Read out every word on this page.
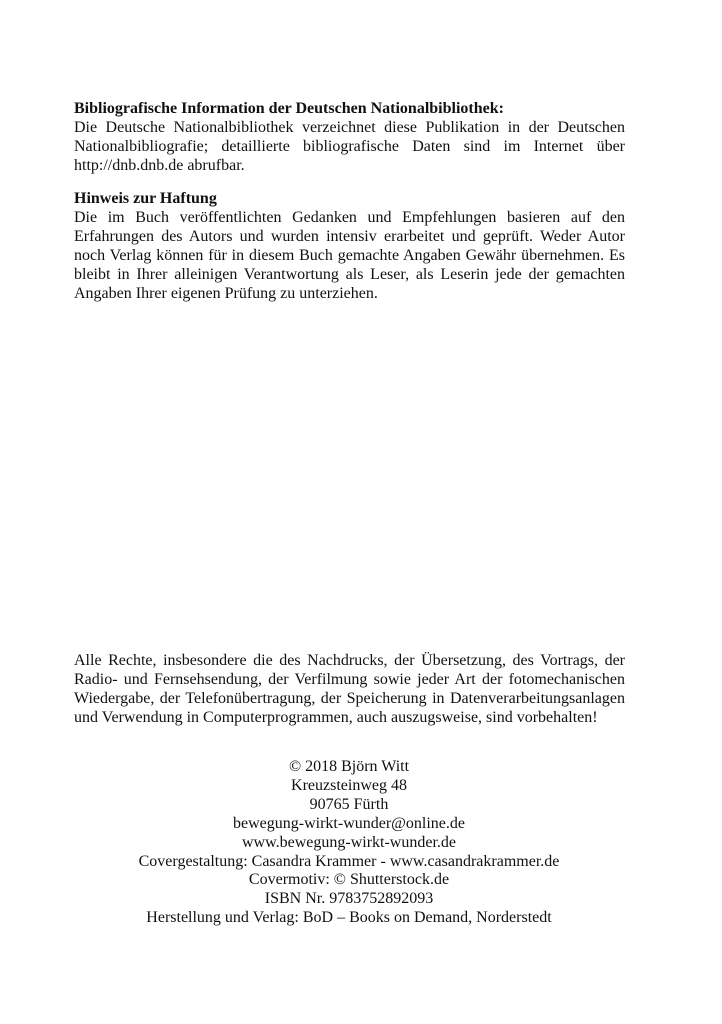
Bibliografische Information der Deutschen Nationalbibliothek:

Die Deutsche Nationalbibliothek verzeichnet diese Publikation in der Deutschen Nationalbibliografie; detaillierte bibliografische Daten sind im Internet über http://dnb.dnb.de abrufbar.

Hinweis zur Haftung

Die im Buch veröffentlichten Gedanken und Empfehlungen basieren auf den Erfahrungen des Autors und wurden intensiv erarbeitet und geprüft. Weder Autor noch Verlag können für in diesem Buch gemachte Angaben Gewähr übernehmen. Es bleibt in Ihrer alleinigen Verantwortung als Leser, als Leserin jede der gemachten Angaben Ihrer eigenen Prüfung zu unterziehen.

Alle Rechte, insbesondere die des Nachdrucks, der Übersetzung, des Vortrags, der Radio- und Fernsehsendung, der Verfilmung sowie jeder Art der fotomechanischen Wiedergabe, der Telefonübertragung, der Speicherung in Datenverarbeitungsanlagen und Verwendung in Computerprogrammen, auch auszugsweise, sind vorbehalten!

© 2018 Björn Witt
Kreuzsteinweg 48
90765 Fürth
bewegung-wirkt-wunder@online.de
www.bewegung-wirkt-wunder.de
Covergestaltung: Casandra Krammer - www.casandrakrammer.de
Covermotiv: © Shutterstock.de
ISBN Nr. 9783752892093
Herstellung und Verlag: BoD – Books on Demand, Norderstedt
